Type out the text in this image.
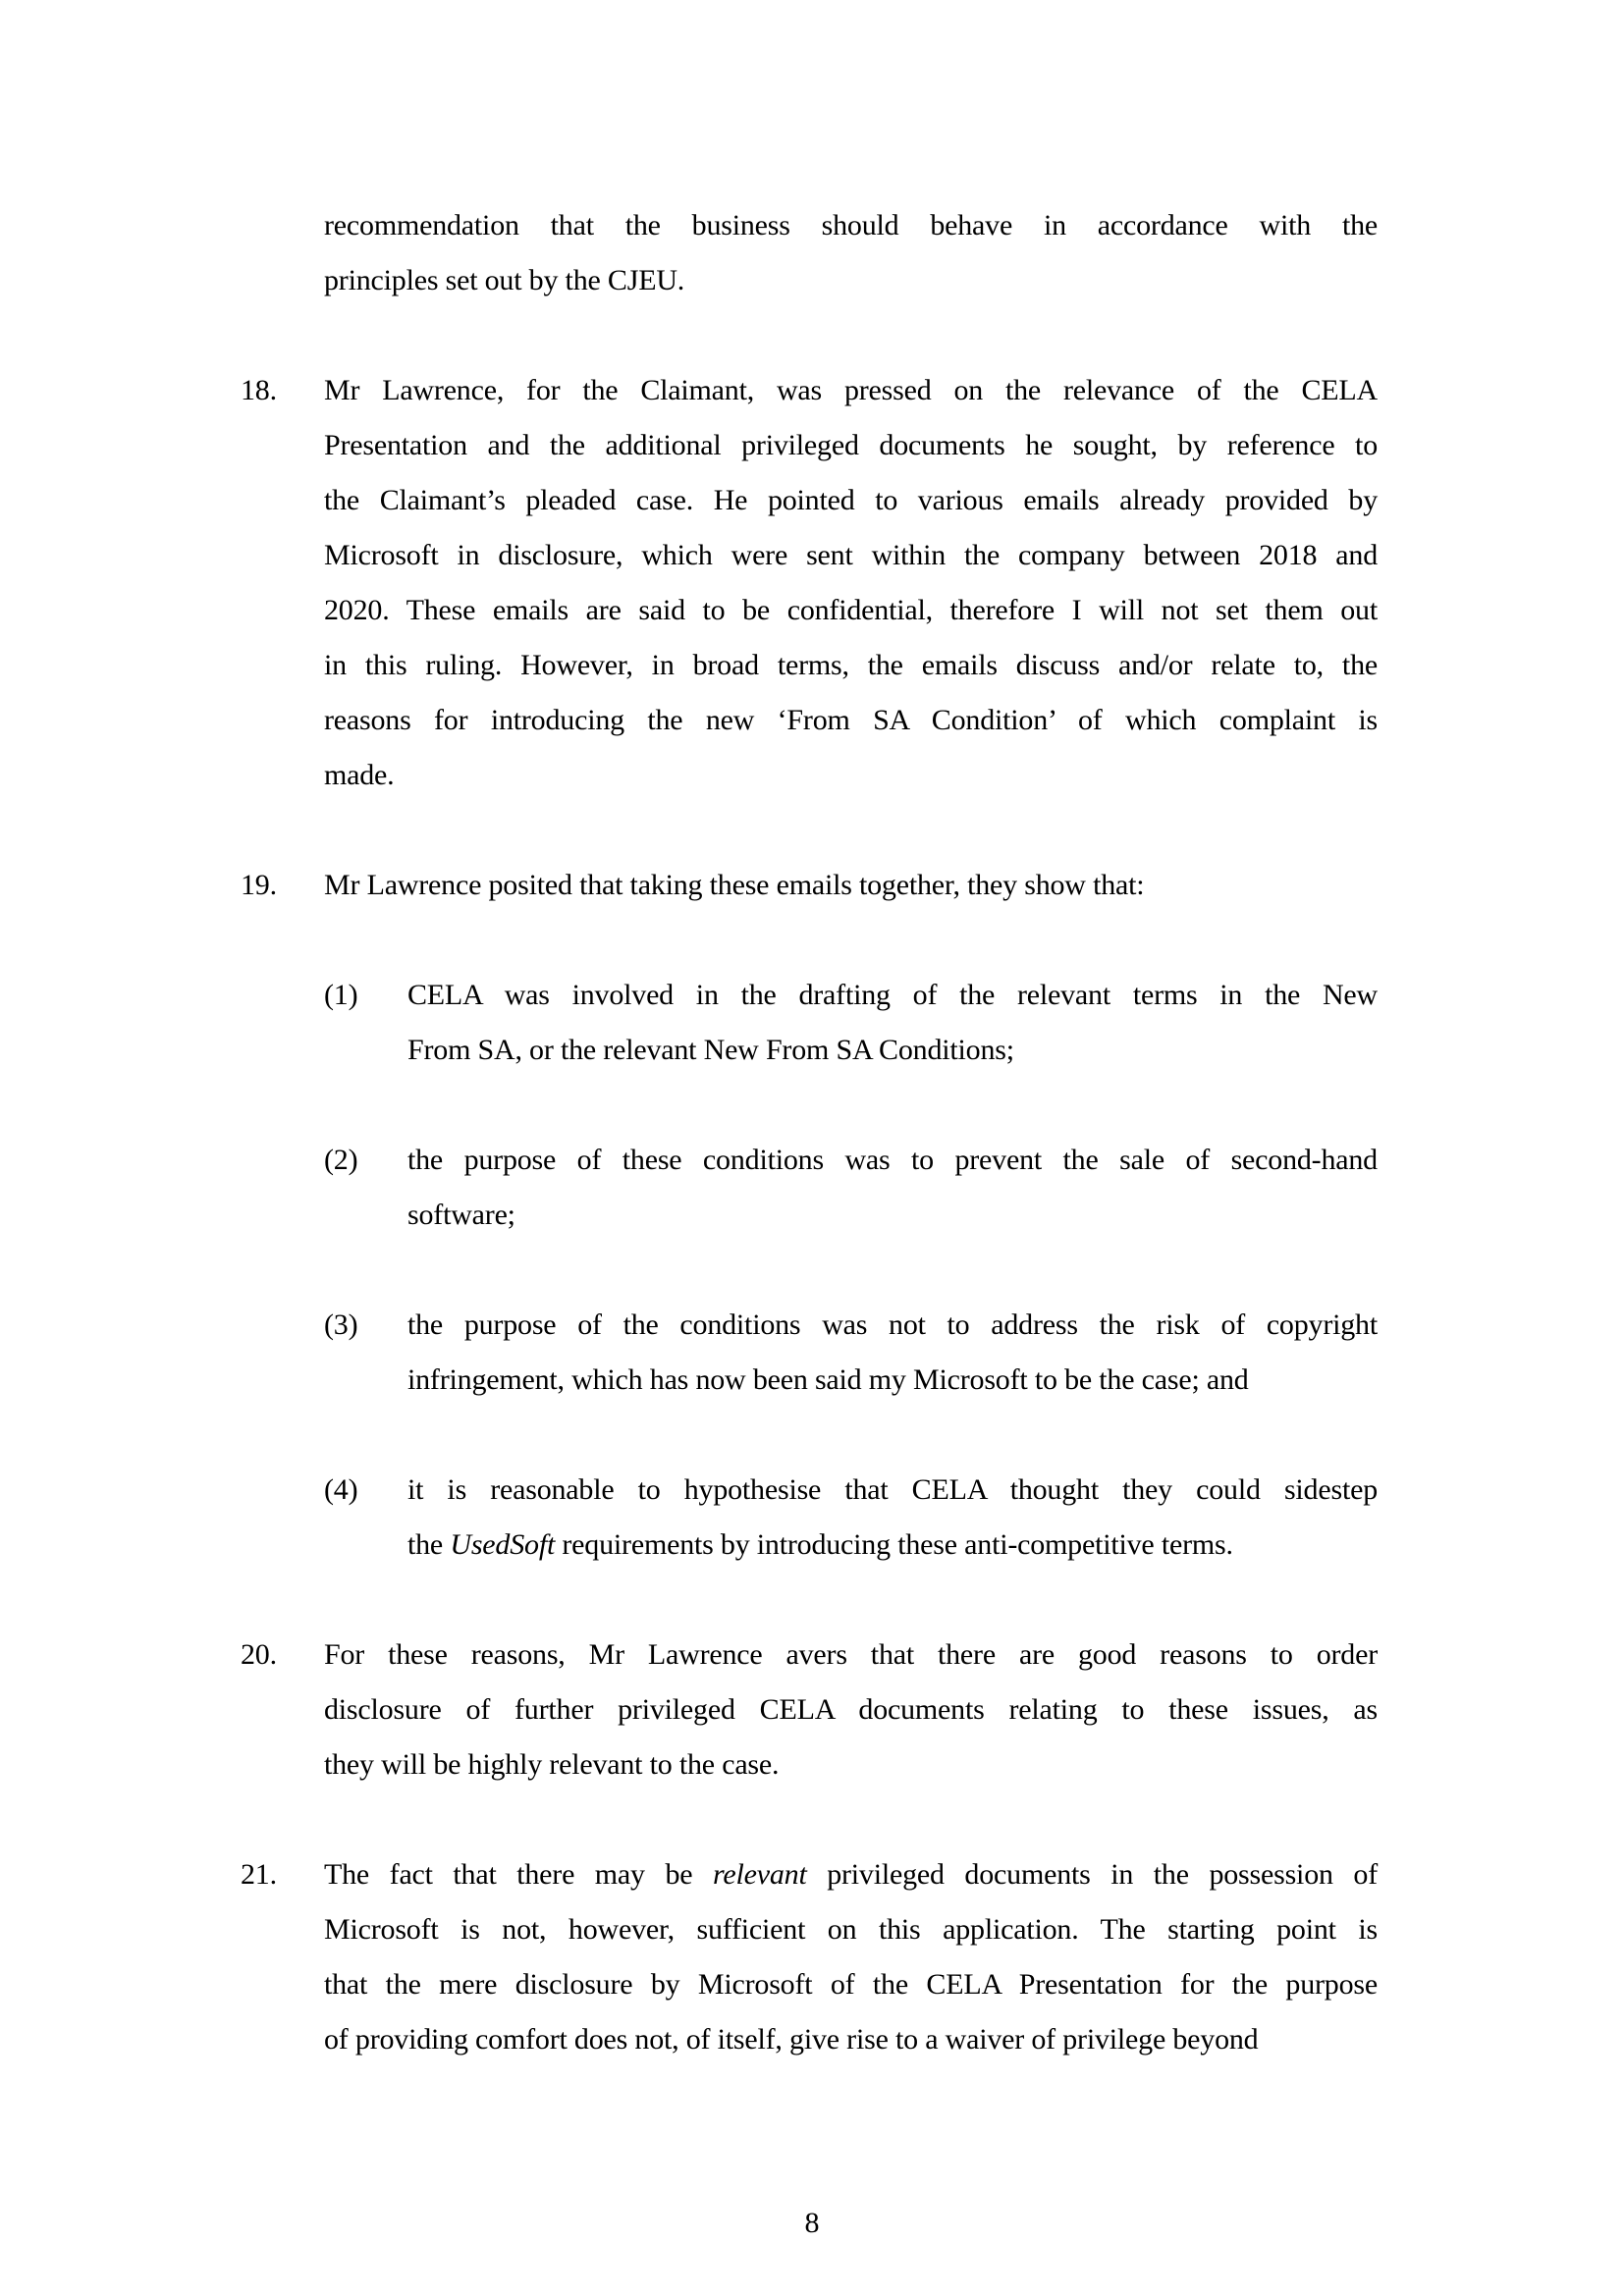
recommendation that the business should behave in accordance with the
principles set out by the CJEU.
18.	Mr Lawrence, for the Claimant, was pressed on the relevance of the CELA
Presentation and the additional privileged documents he sought, by reference to
the Claimant’s pleaded case. He pointed to various emails already provided by
Microsoft in disclosure, which were sent within the company between 2018 and
2020. These emails are said to be confidential, therefore I will not set them out
in this ruling. However, in broad terms, the emails discuss and/or relate to, the
reasons for introducing the new ‘From SA Condition’ of which complaint is
made.
19.	Mr Lawrence posited that taking these emails together, they show that:
(1)	CELA was involved in the drafting of the relevant terms in the New
From SA, or the relevant New From SA Conditions;
(2)	the purpose of these conditions was to prevent the sale of second-hand
software;
(3)	the purpose of the conditions was not to address the risk of copyright
infringement, which has now been said my Microsoft to be the case; and
(4)	it is reasonable to hypothesise that CELA thought they could sidestep
the UsedSoft requirements by introducing these anti-competitive terms.
20.	For these reasons, Mr Lawrence avers that there are good reasons to order
disclosure of further privileged CELA documents relating to these issues, as
they will be highly relevant to the case.
21.	The fact that there may be relevant privileged documents in the possession of
Microsoft is not, however, sufficient on this application. The starting point is
that the mere disclosure by Microsoft of the CELA Presentation for the purpose
of providing comfort does not, of itself, give rise to a waiver of privilege beyond
8
